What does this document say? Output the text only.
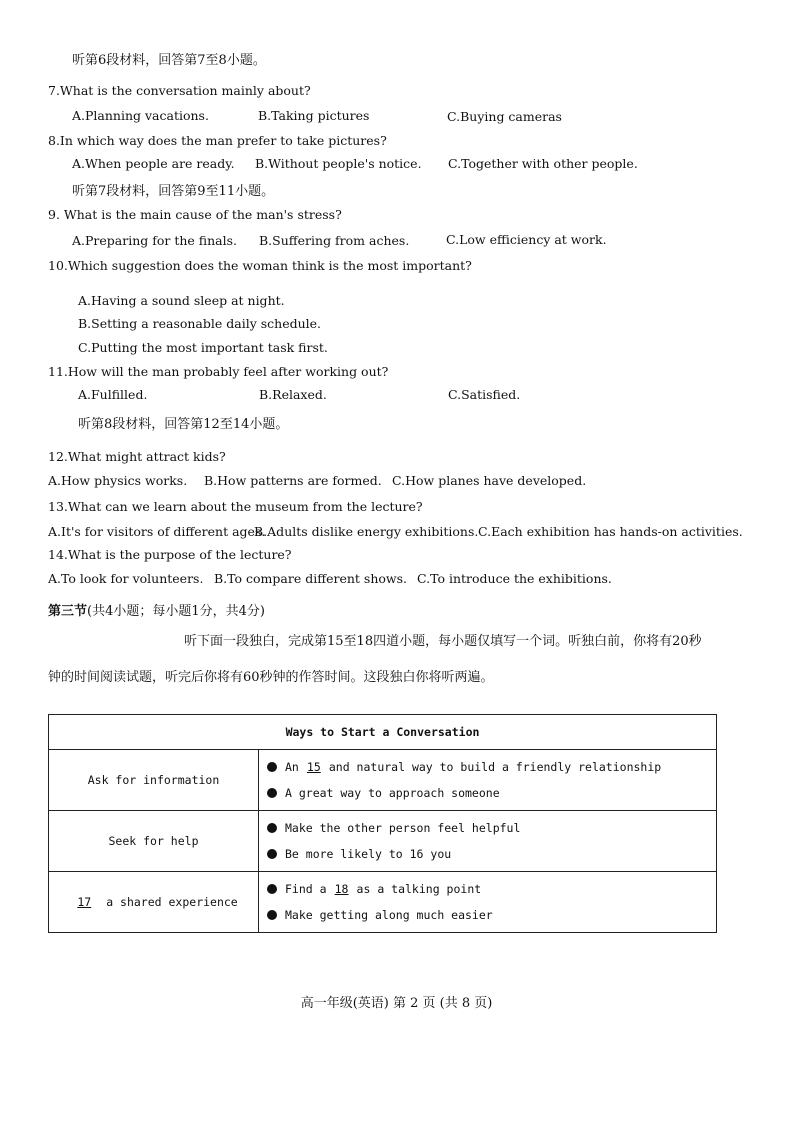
听第6段材料，回答第7至8小题。
7.What is the conversation mainly about?
A.Planning vacations.	B.Taking pictures	C.Buying cameras
8.In which way does the man prefer to take pictures?
A.When people are ready. B.Without people's notice. C.Together with other people.
听第7段材料，回答第9至11小题。
9. What is the main cause of the man's stress?
A.Preparing for the finals. B.Suffering from aches.	C.Low efficiency at work.
10.Which suggestion does the woman think is the most important?
A.Having a sound sleep at night.
B.Setting a reasonable daily schedule.
C.Putting the most important task first.
11.How will the man probably feel after working out?
A.Fulfilled.	B.Relaxed.	C.Satisfied.
听第8段材料，回答第12至14小题。
12.What might attract kids?
A.How physics works. B.How patterns are formed. C.How planes have developed.
13.What can we learn about the museum from the lecture?
A.It's for visitors of different ages.
B.Adults dislike energy exhibitions. C.Each exhibition has hands-on activities.
14.What is the purpose of the lecture?
A.To look for volunteers. B.To compare different shows. C.To introduce the exhibitions.
第三节(共4小题；每小题1分，共4分)
听下面一段独白，完成第15至18四道小题，每小题仅填写一个词。听独白前，你将有20秒
钟的时间阅读试题，听完后你将有60秒钟的作答时间。这段独白你将听两遍。
Ways to Start a Conversation	
Ask for information	An 15 and natural way to build a friendly relationship
A great way to approach someone

Seek for help	Make the other person feel helpful
Be more likely to 16 you

17 a shared experience	Find a 18 as a talking point
Make getting along much easier
高一年级(英语) 第 2 页 (共 8 页)
